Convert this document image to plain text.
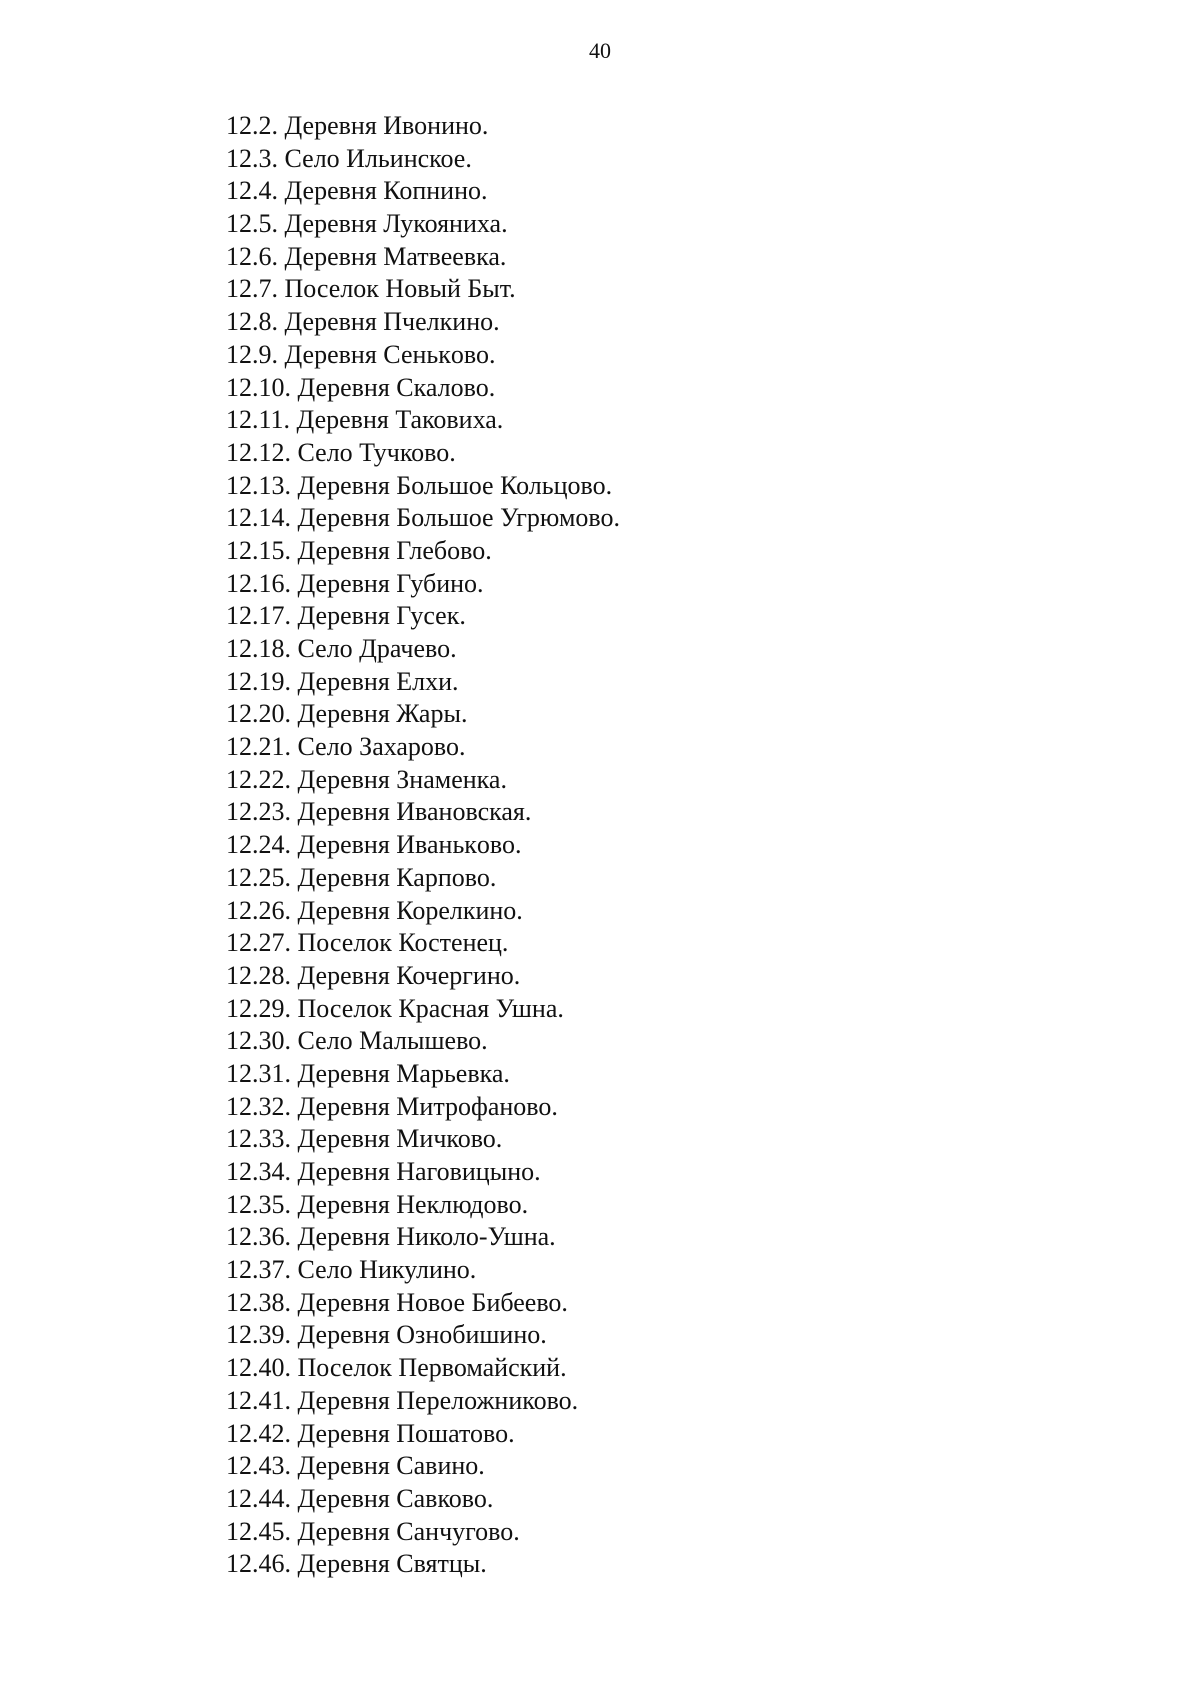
40
12.2. Деревня Ивонино.
12.3. Село Ильинское.
12.4. Деревня Копнино.
12.5. Деревня Лукояниха.
12.6. Деревня Матвеевка.
12.7. Поселок Новый Быт.
12.8. Деревня Пчелкино.
12.9. Деревня Сенькoво.
12.10. Деревня Скалово.
12.11. Деревня Таковиха.
12.12. Село Тучково.
12.13. Деревня Большое Кольцово.
12.14. Деревня Большое Угрюмово.
12.15. Деревня Глебово.
12.16. Деревня Губино.
12.17. Деревня Гусек.
12.18. Село Драчево.
12.19. Деревня Елхи.
12.20. Деревня Жары.
12.21. Село Захарово.
12.22. Деревня Знаменка.
12.23. Деревня Ивановская.
12.24. Деревня Иванькoво.
12.25. Деревня Карпово.
12.26. Деревня Корелкино.
12.27. Поселок Костенец.
12.28. Деревня Кочергино.
12.29. Поселок Красная Ушна.
12.30. Село Малышево.
12.31. Деревня Марьевка.
12.32. Деревня Митрофаново.
12.33. Деревня Мичково.
12.34. Деревня Наговицыно.
12.35. Деревня Неклюдово.
12.36. Деревня Николо-Ушна.
12.37. Село Никулино.
12.38. Деревня Новое Бибеево.
12.39. Деревня Ознобишино.
12.40. Поселок Первомайский.
12.41. Деревня Переложниково.
12.42. Деревня Пошатово.
12.43. Деревня Савино.
12.44. Деревня Савково.
12.45. Деревня Санчугово.
12.46. Деревня Святцы.
